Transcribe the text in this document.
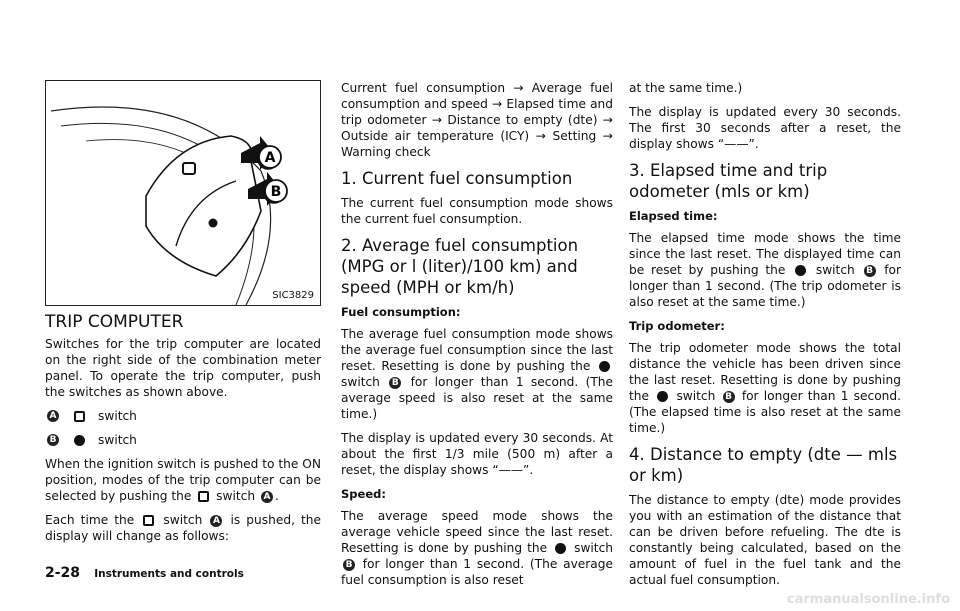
A
B
SIC3829
TRIP COMPUTER

Switches for the trip computer are located on the right side of the combination meter panel. To operate the trip computer, push the switches as shown above.

A	switch
B	switch

When the ignition switch is pushed to the ON position, modes of the trip computer can be selected by pushing the switch A .

Each time the switch A is pushed, the display will change as follows:

Current fuel consumption → Average fuel consumption and speed → Elapsed time and trip odometer → Distance to empty (dte) → Outside air temperature (ICY) → Setting → Warning check

1. Current fuel consumption

The current fuel consumption mode shows the current fuel consumption.

2. Average fuel consumption (MPG or l (liter)/100 km) and speed (MPH or km/h)
Fuel consumption:

The average fuel consumption mode shows the average fuel consumption since the last reset. Resetting is done by pushing the  switch B for longer than 1 second. (The average speed is also reset at the same time.)

The display is updated every 30 seconds. At about the first 1/3 mile (500 m) after a reset, the display shows “——”.

Speed:

The average speed mode shows the average vehicle speed since the last reset. Resetting is done by pushing the switch B for longer than 1 second. (The average fuel consumption is also reset

at the same time.)

The display is updated every 30 seconds. The first 30 seconds after a reset, the display shows “——”.

3. Elapsed time and trip odometer (mls or km)
Elapsed time:

The elapsed time mode shows the time since the last reset. The displayed time can be reset by pushing the switch B for longer than 1 second. (The trip odometer is also reset at the same time.)

Trip odometer:

The trip odometer mode shows the total distance the vehicle has been driven since the last reset. Resetting is done by pushing the switch B for longer than 1 second. (The elapsed time is also reset at the same time.)

4. Distance to empty (dte — mls or km)

The distance to empty (dte) mode provides you with an estimation of the distance that can be driven before refueling. The dte is constantly being calculated, based on the amount of fuel in the fuel tank and the actual fuel consumption.

2-28 Instruments and controls
carmanualsonline.info
